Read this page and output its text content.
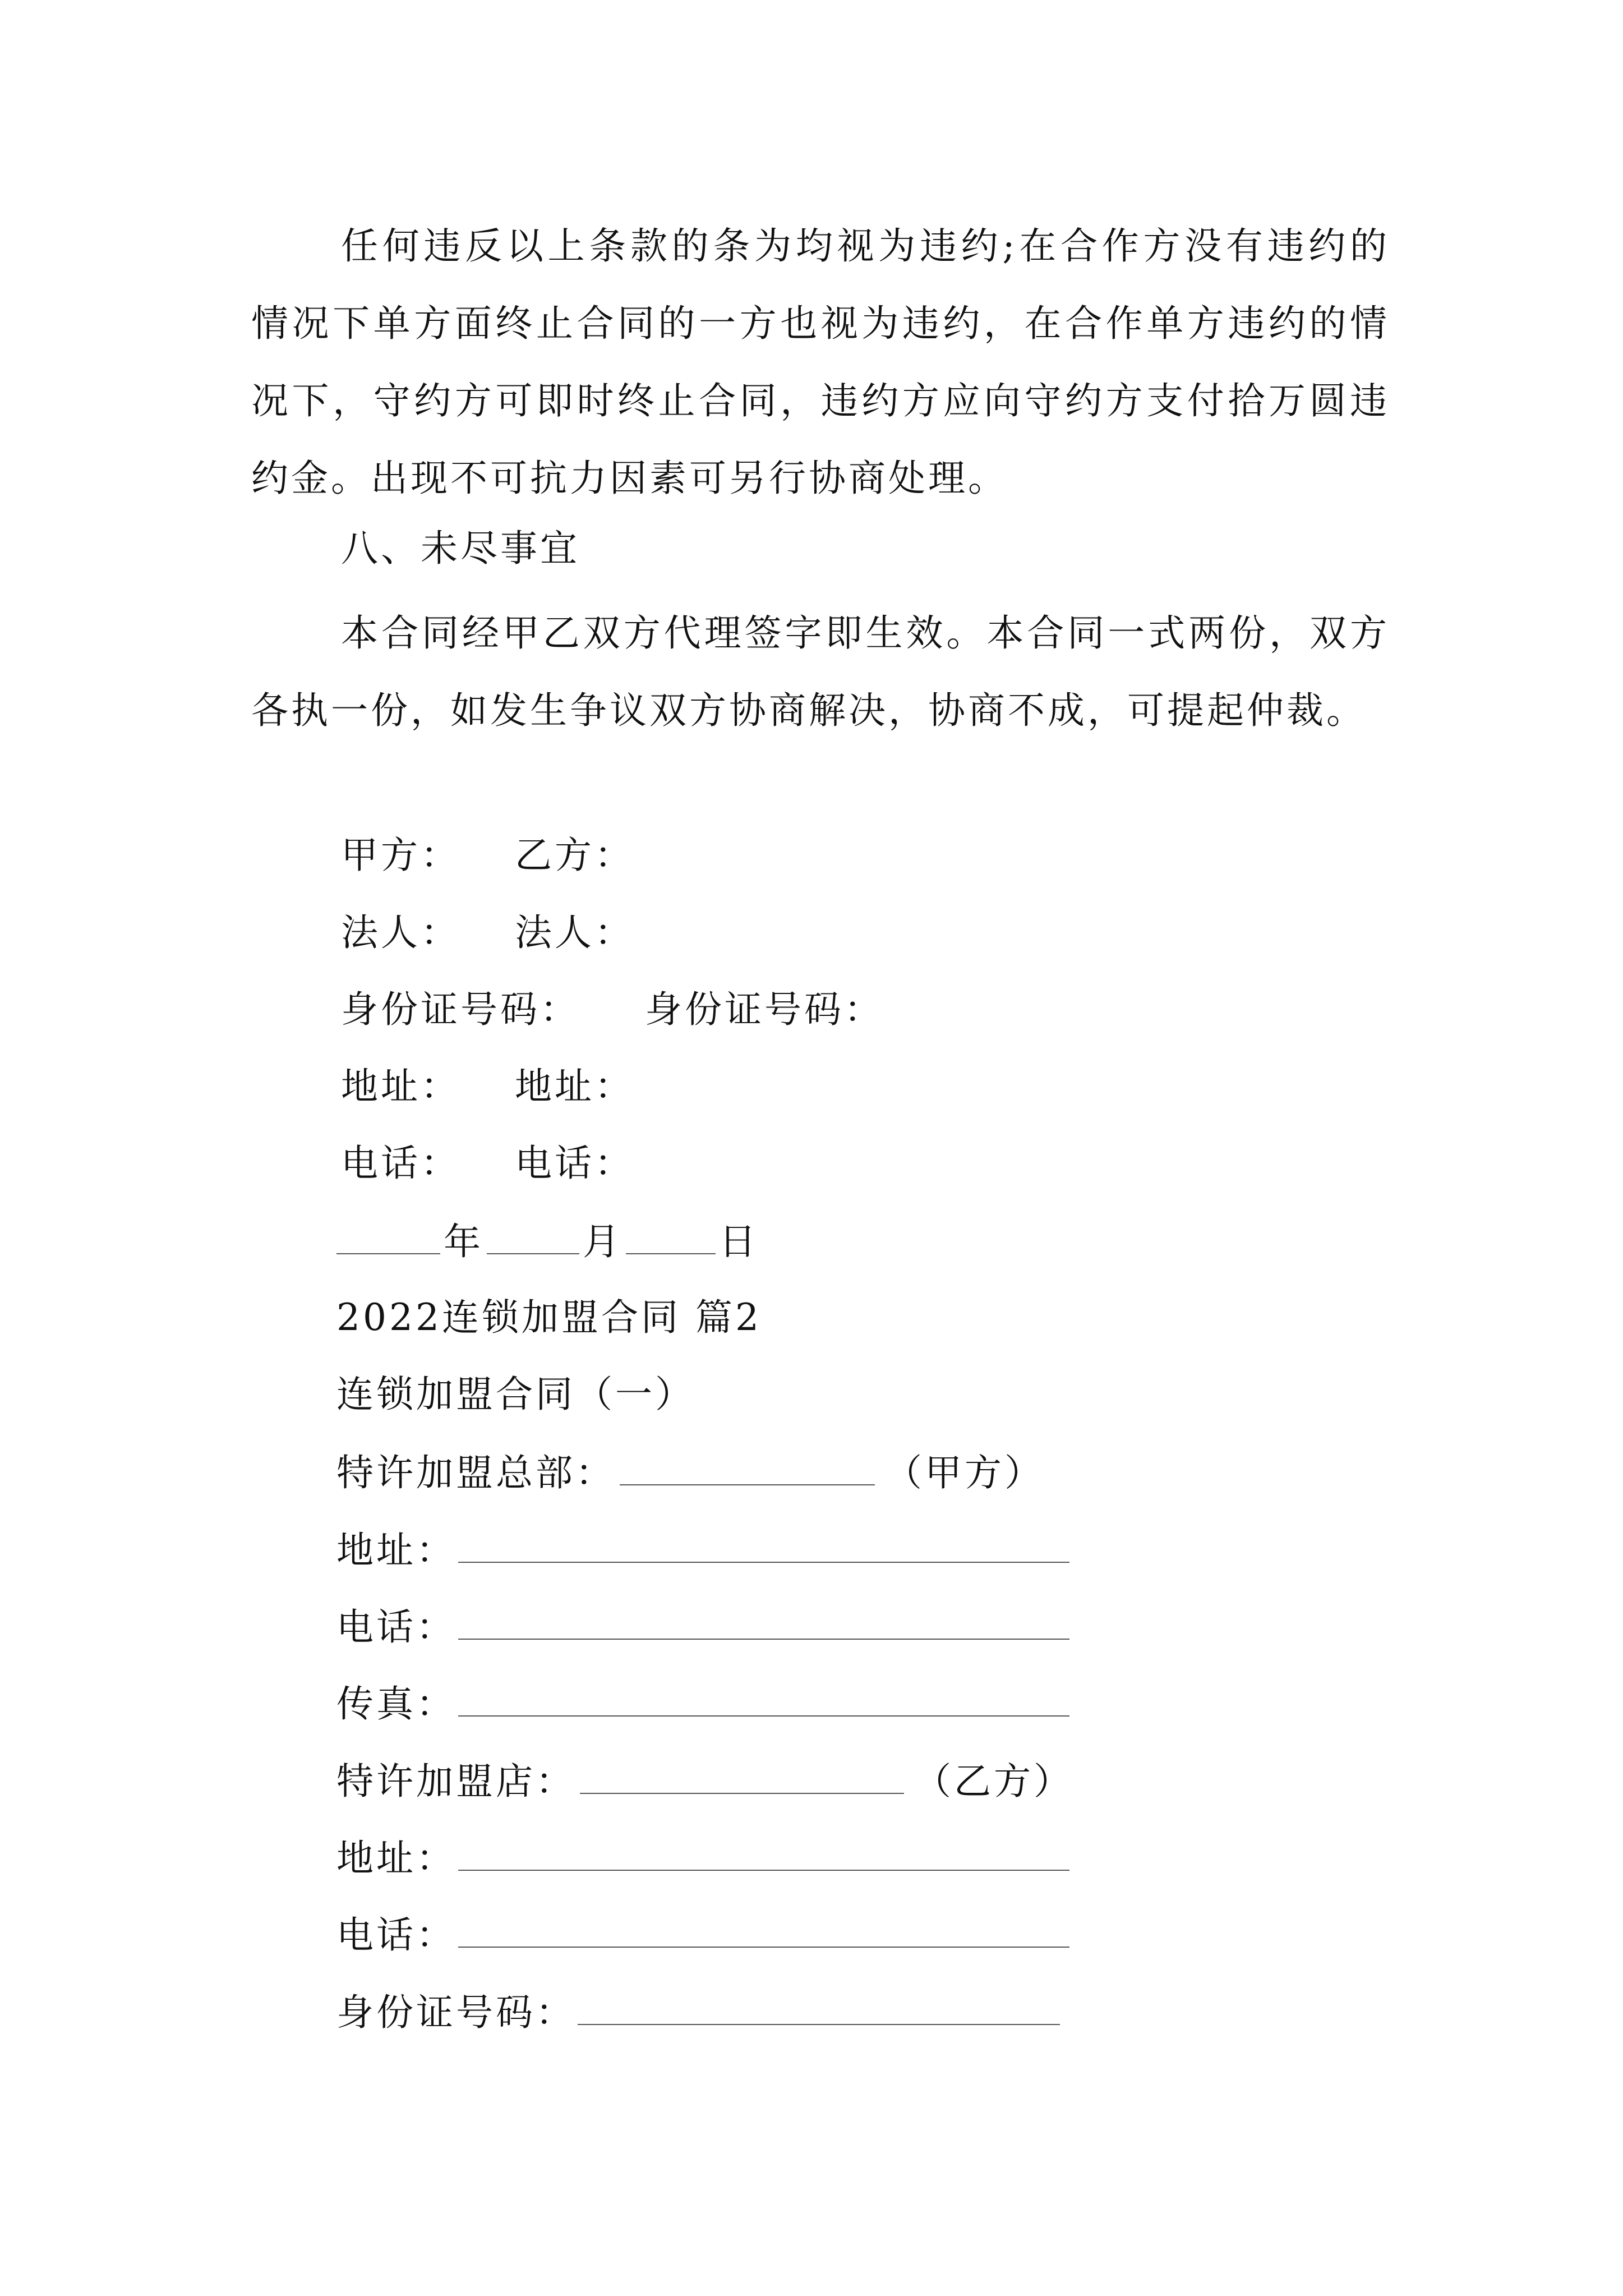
任何违反以上条款的条为均视为违约;在合作方没有违约的情况下单方面终止合同的一方也视为违约，在合作单方违约的情况下，守约方可即时终止合同，违约方应向守约方支付拾万圆违约金。出现不可抗力因素可另行协商处理。
八、未尽事宜
本合同经甲乙双方代理签字即生效。本合同一式两份，双方各执一份，如发生争议双方协商解决，协商不成，可提起仲裁。
甲方： 乙方：
法人： 法人：
身份证号码： 身份证号码：
地址： 地址：
电话： 电话：
年	月	日
2022连锁加盟合同 篇2
连锁加盟合同（一）
特许加盟总部：	（甲方）
地址：
电话：
传真：
特许加盟店：	（乙方）
地址：
电话：
身份证号码：
